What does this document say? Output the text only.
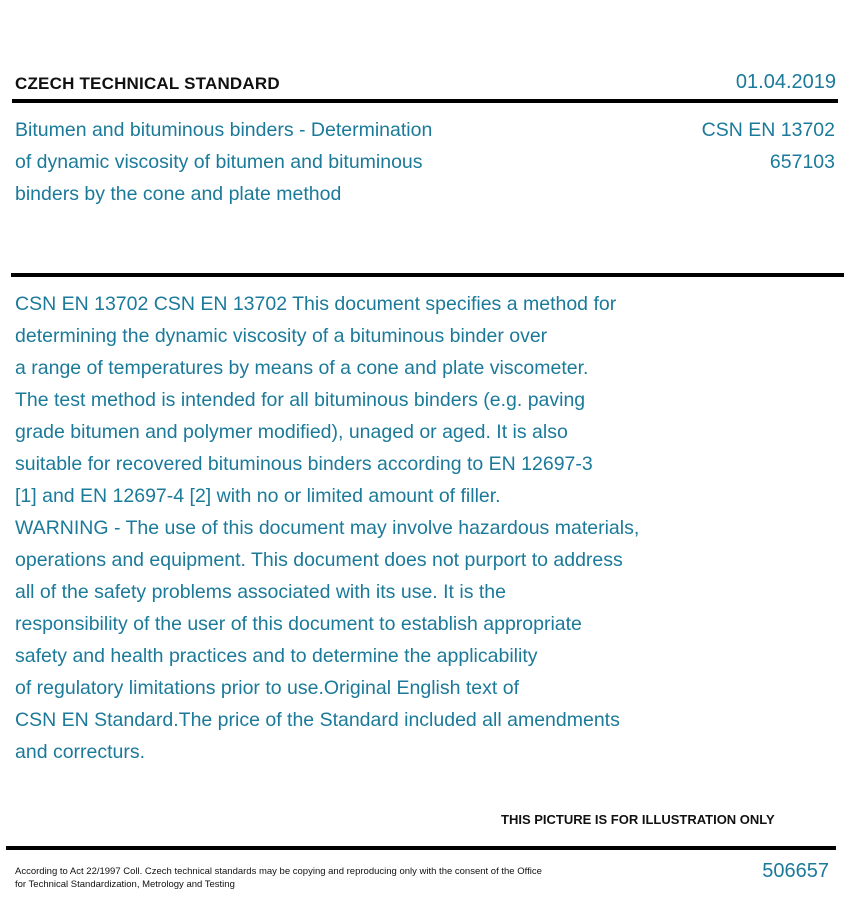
CZECH TECHNICAL STANDARD	01.04.2019
Bitumen and bituminous binders - Determination
of dynamic viscosity of bitumen and bituminous
binders by the cone and plate method
CSN EN 13702
657103
CSN EN 13702 CSN EN 13702 This document specifies a method for
determining the dynamic viscosity of a bituminous binder over
a range of temperatures by means of a cone and plate viscometer.
The test method is intended for all bituminous binders (e.g. paving
grade bitumen and polymer modified), unaged or aged. It is also
suitable for recovered bituminous binders according to EN 12697-3
[1] and EN 12697-4 [2] with no or limited amount of filler.
WARNING - The use of this document may involve hazardous materials,
operations and equipment. This document does not purport to address
all of the safety problems associated with its use. It is the
responsibility of the user of this document to establish appropriate
safety and health practices and to determine the applicability
of regulatory limitations prior to use.Original English text of
CSN EN Standard.The price of the Standard included all amendments
and correcturs.
THIS PICTURE IS FOR ILLUSTRATION ONLY
According to Act 22/1997 Coll. Czech technical standards may be copying and reproducing only with the consent of the Office
for Technical Standardization, Metrology and Testing
506657
